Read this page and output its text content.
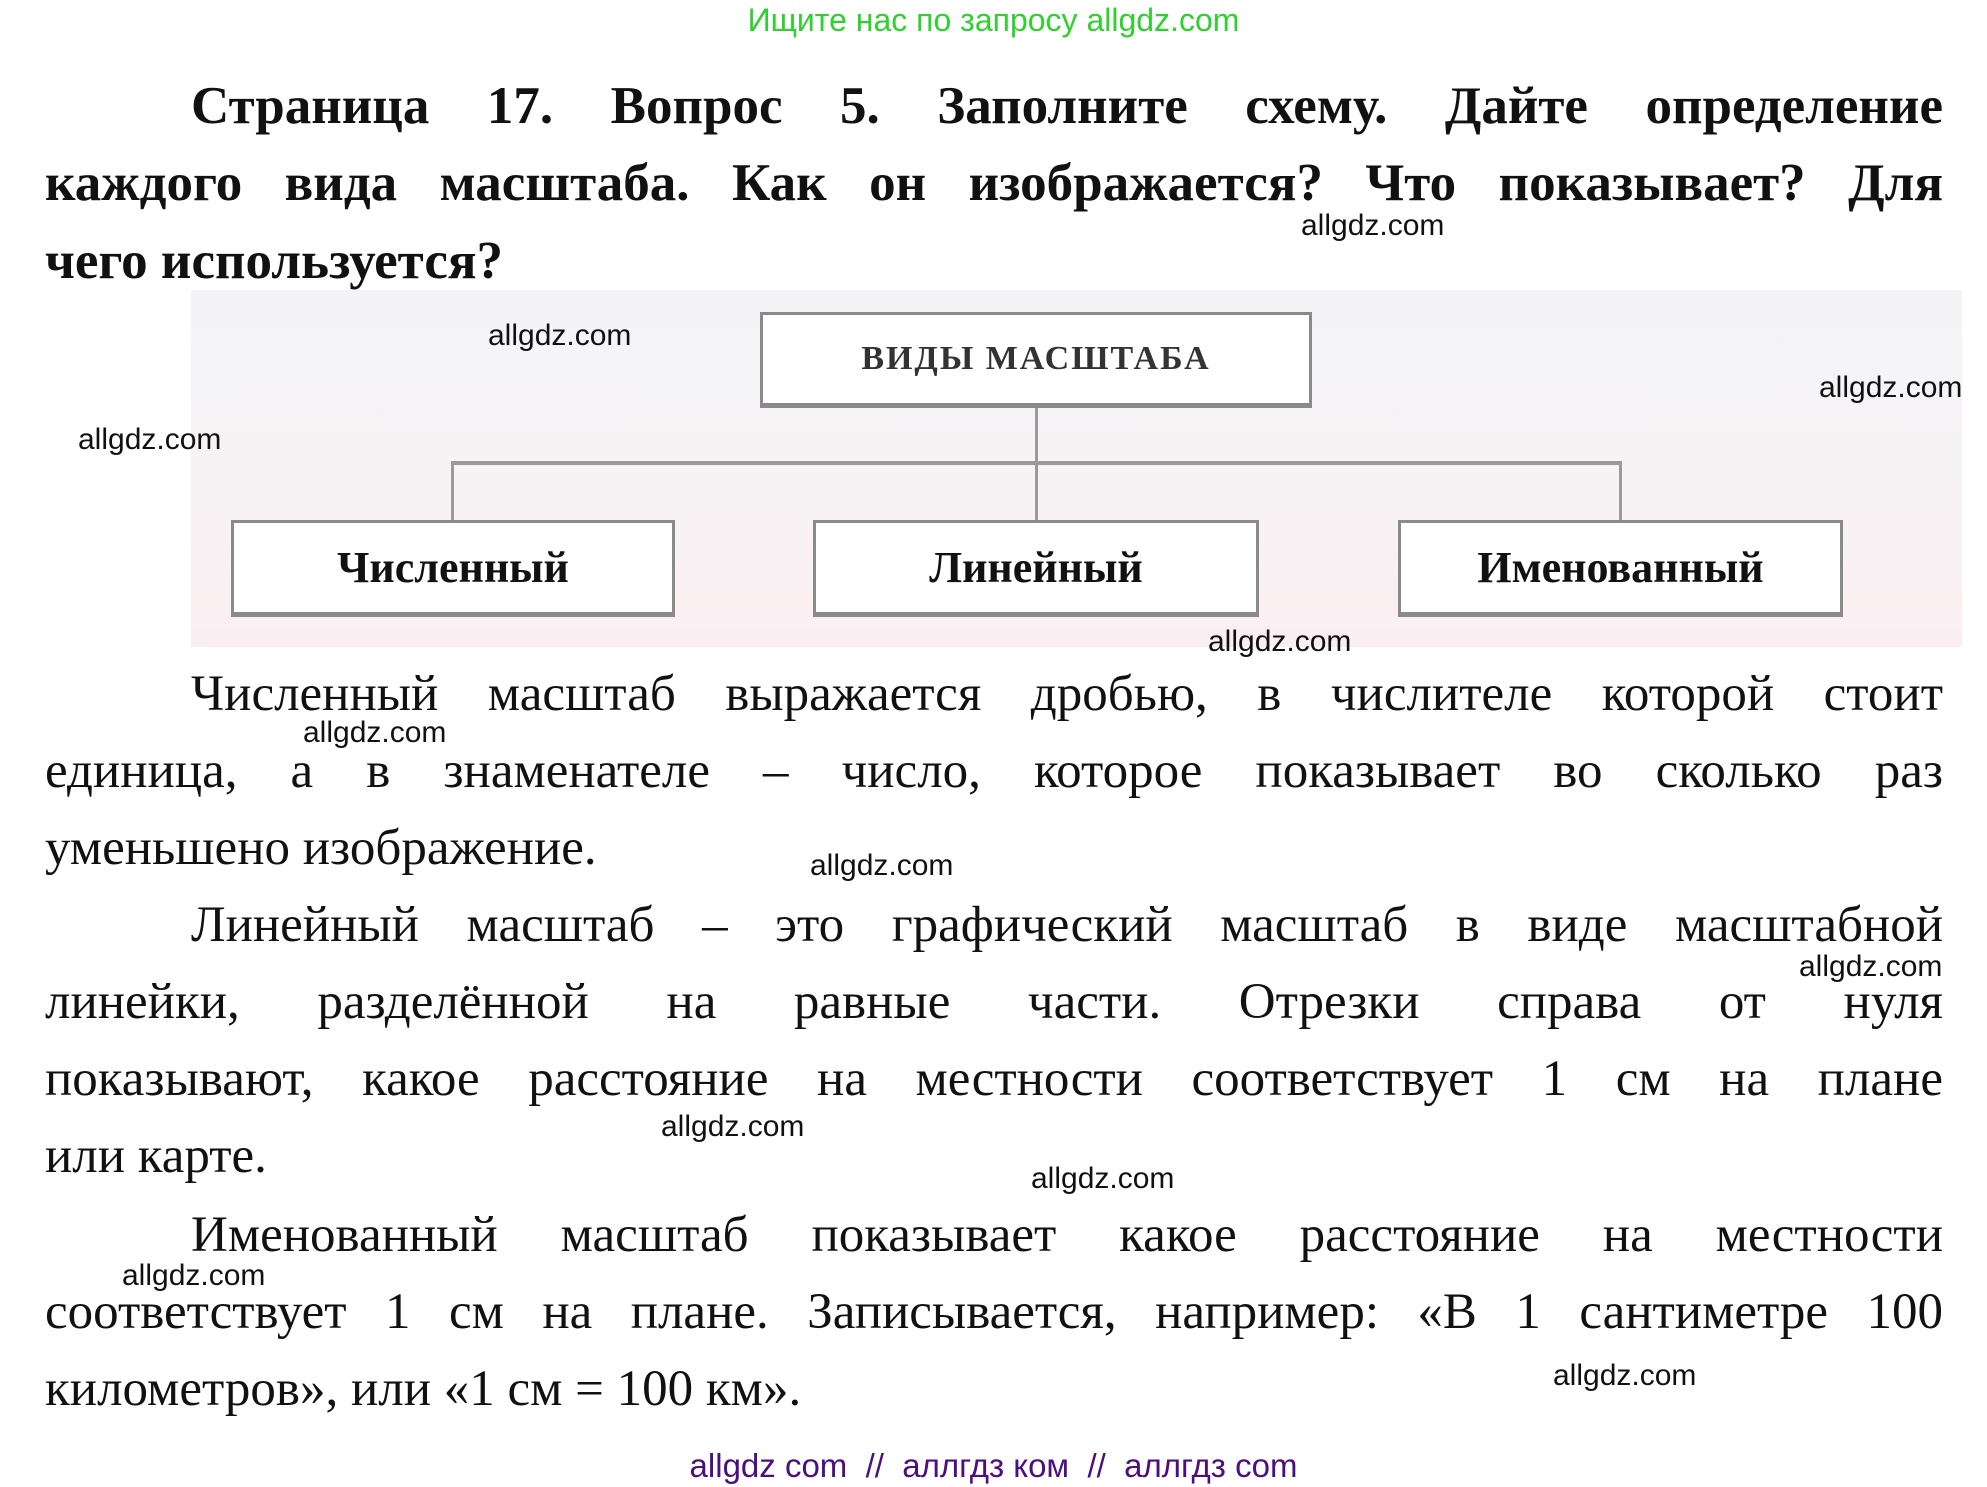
Ищите нас по запросу allgdz.com
Страница 17. Вопрос 5. Заполните схему. Дайте определение
каждого вида масштаба. Как он изображается? Что показывает? Для
чего используется?
ВИДЫ МАСШТАБА
Численный	Линейный	Именованный
Численный масштаб выражается дробью, в числителе которой стоит
единица, а в знаменателе – число, которое показывает во сколько раз
уменьшено изображение.
Линейный масштаб – это графический масштаб в виде масштабной
линейки, разделённой на равные части. Отрезки справа от нуля
показывают, какое расстояние на местности соответствует 1 см на плане
или карте.
Именованный масштаб показывает какое расстояние на местности
соответствует 1 см на плане. Записывается, например: «В 1 сантиметре 100
километров», или «1 см = 100 км».
allgdz.com
allgdz.com
allgdz.com
allgdz.com
allgdz.com
allgdz.com
allgdz.com
allgdz.com
allgdz.com
allgdz.com
allgdz.com
allgdz.com
allgdz com  //  аллгдз ком  //  аллгдз com
